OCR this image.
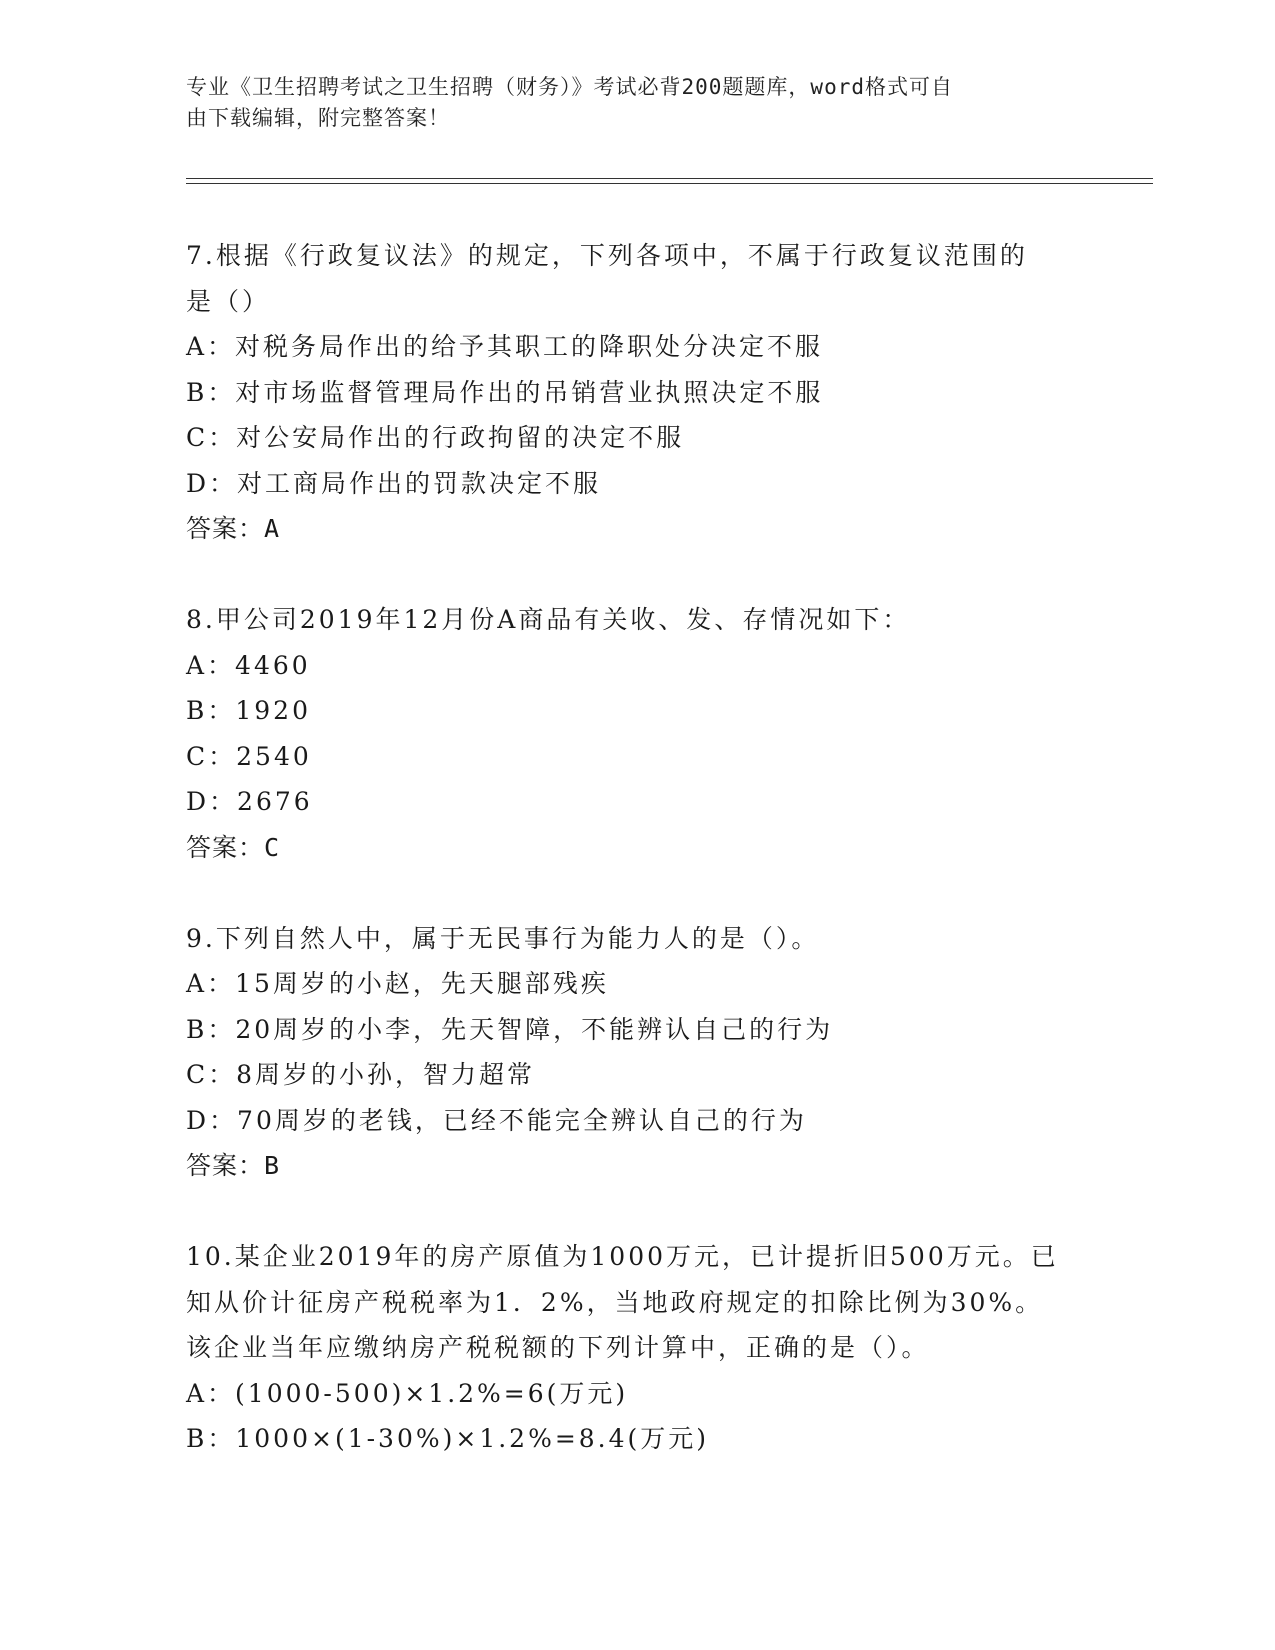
专业《卫生招聘考试之卫生招聘（财务）》考试必背200题题库，word格式可自
由下载编辑，附完整答案！
7.根据《行政复议法》的规定，下列各项中，不属于行政复议范围的
是（）
A：对税务局作出的给予其职工的降职处分决定不服
B：对市场监督管理局作出的吊销营业执照决定不服
C：对公安局作出的行政拘留的决定不服
D：对工商局作出的罚款决定不服
答案：A
8.甲公司2019年12月份A商品有关收、发、存情况如下：
A：4460
B：1920
C：2540
D：2676
答案：C
9.下列自然人中，属于无民事行为能力人的是（）。
A：15周岁的小赵，先天腿部残疾
B：20周岁的小李，先天智障，不能辨认自己的行为
C：8周岁的小孙，智力超常
D：70周岁的老钱，已经不能完全辨认自己的行为
答案：B
10.某企业2019年的房产原值为1000万元，已计提折旧500万元。已
知从价计征房产税税率为1．2%，当地政府规定的扣除比例为30%。
该企业当年应缴纳房产税税额的下列计算中，正确的是（）。
A：(1000-500)×1.2%=6(万元)
B：1000×(1-30%)×1.2%=8.4(万元)
